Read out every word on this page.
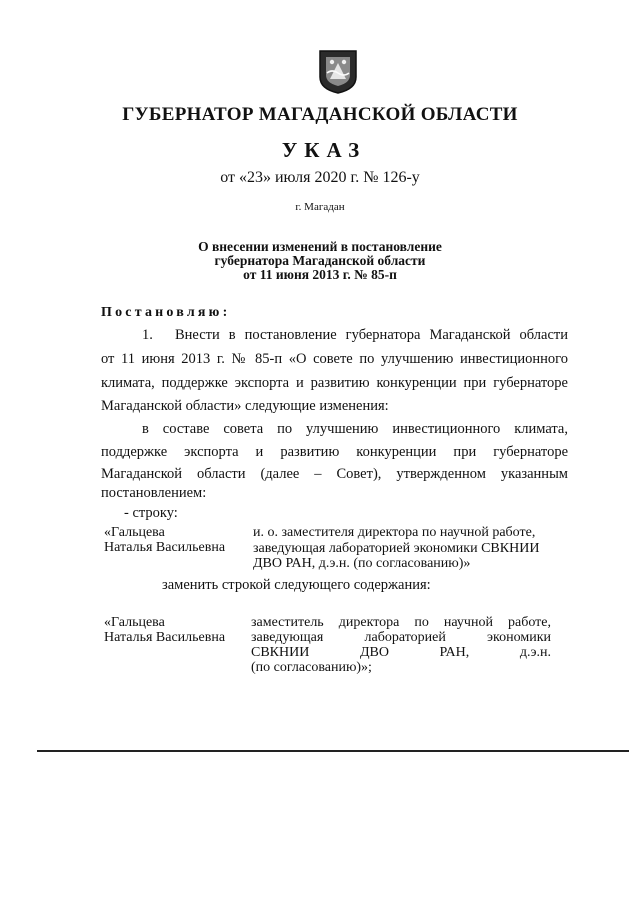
ГУБЕРНАТОР МАГАДАНСКОЙ ОБЛАСТИ
УКАЗ
от «23» июля 2020 г. № 126-у
г. Магадан
О внесении изменений в постановление
губернатора Магаданской области
от 11 июня 2013 г. № 85-п
Постановляю:
1. Внести в постановление губернатора Магаданской области
от 11 июня 2013 г. № 85-п «О совете по улучшению инвестиционного
климата, поддержке экспорта и развитию конкуренции при губернаторе
Магаданской области» следующие изменения:
в составе совета по улучшению инвестиционного климата,
поддержке экспорта и развитию конкуренции при губернаторе
Магаданской области (далее – Совет), утвержденном указанным
постановлением:
- строку:
«Гальцева
Наталья Васильевна
и. о. заместителя директора по научной работе,
заведующая лабораторией экономики СВКНИИ
ДВО РАН, д.э.н. (по согласованию)»
заменить строкой следующего содержания:
«Гальцева
Наталья Васильевна
заместитель директора по научной работе,
заведующая лабораторией экономики
СВКНИИ ДВО РАН, д.э.н.
(по согласованию)»;
